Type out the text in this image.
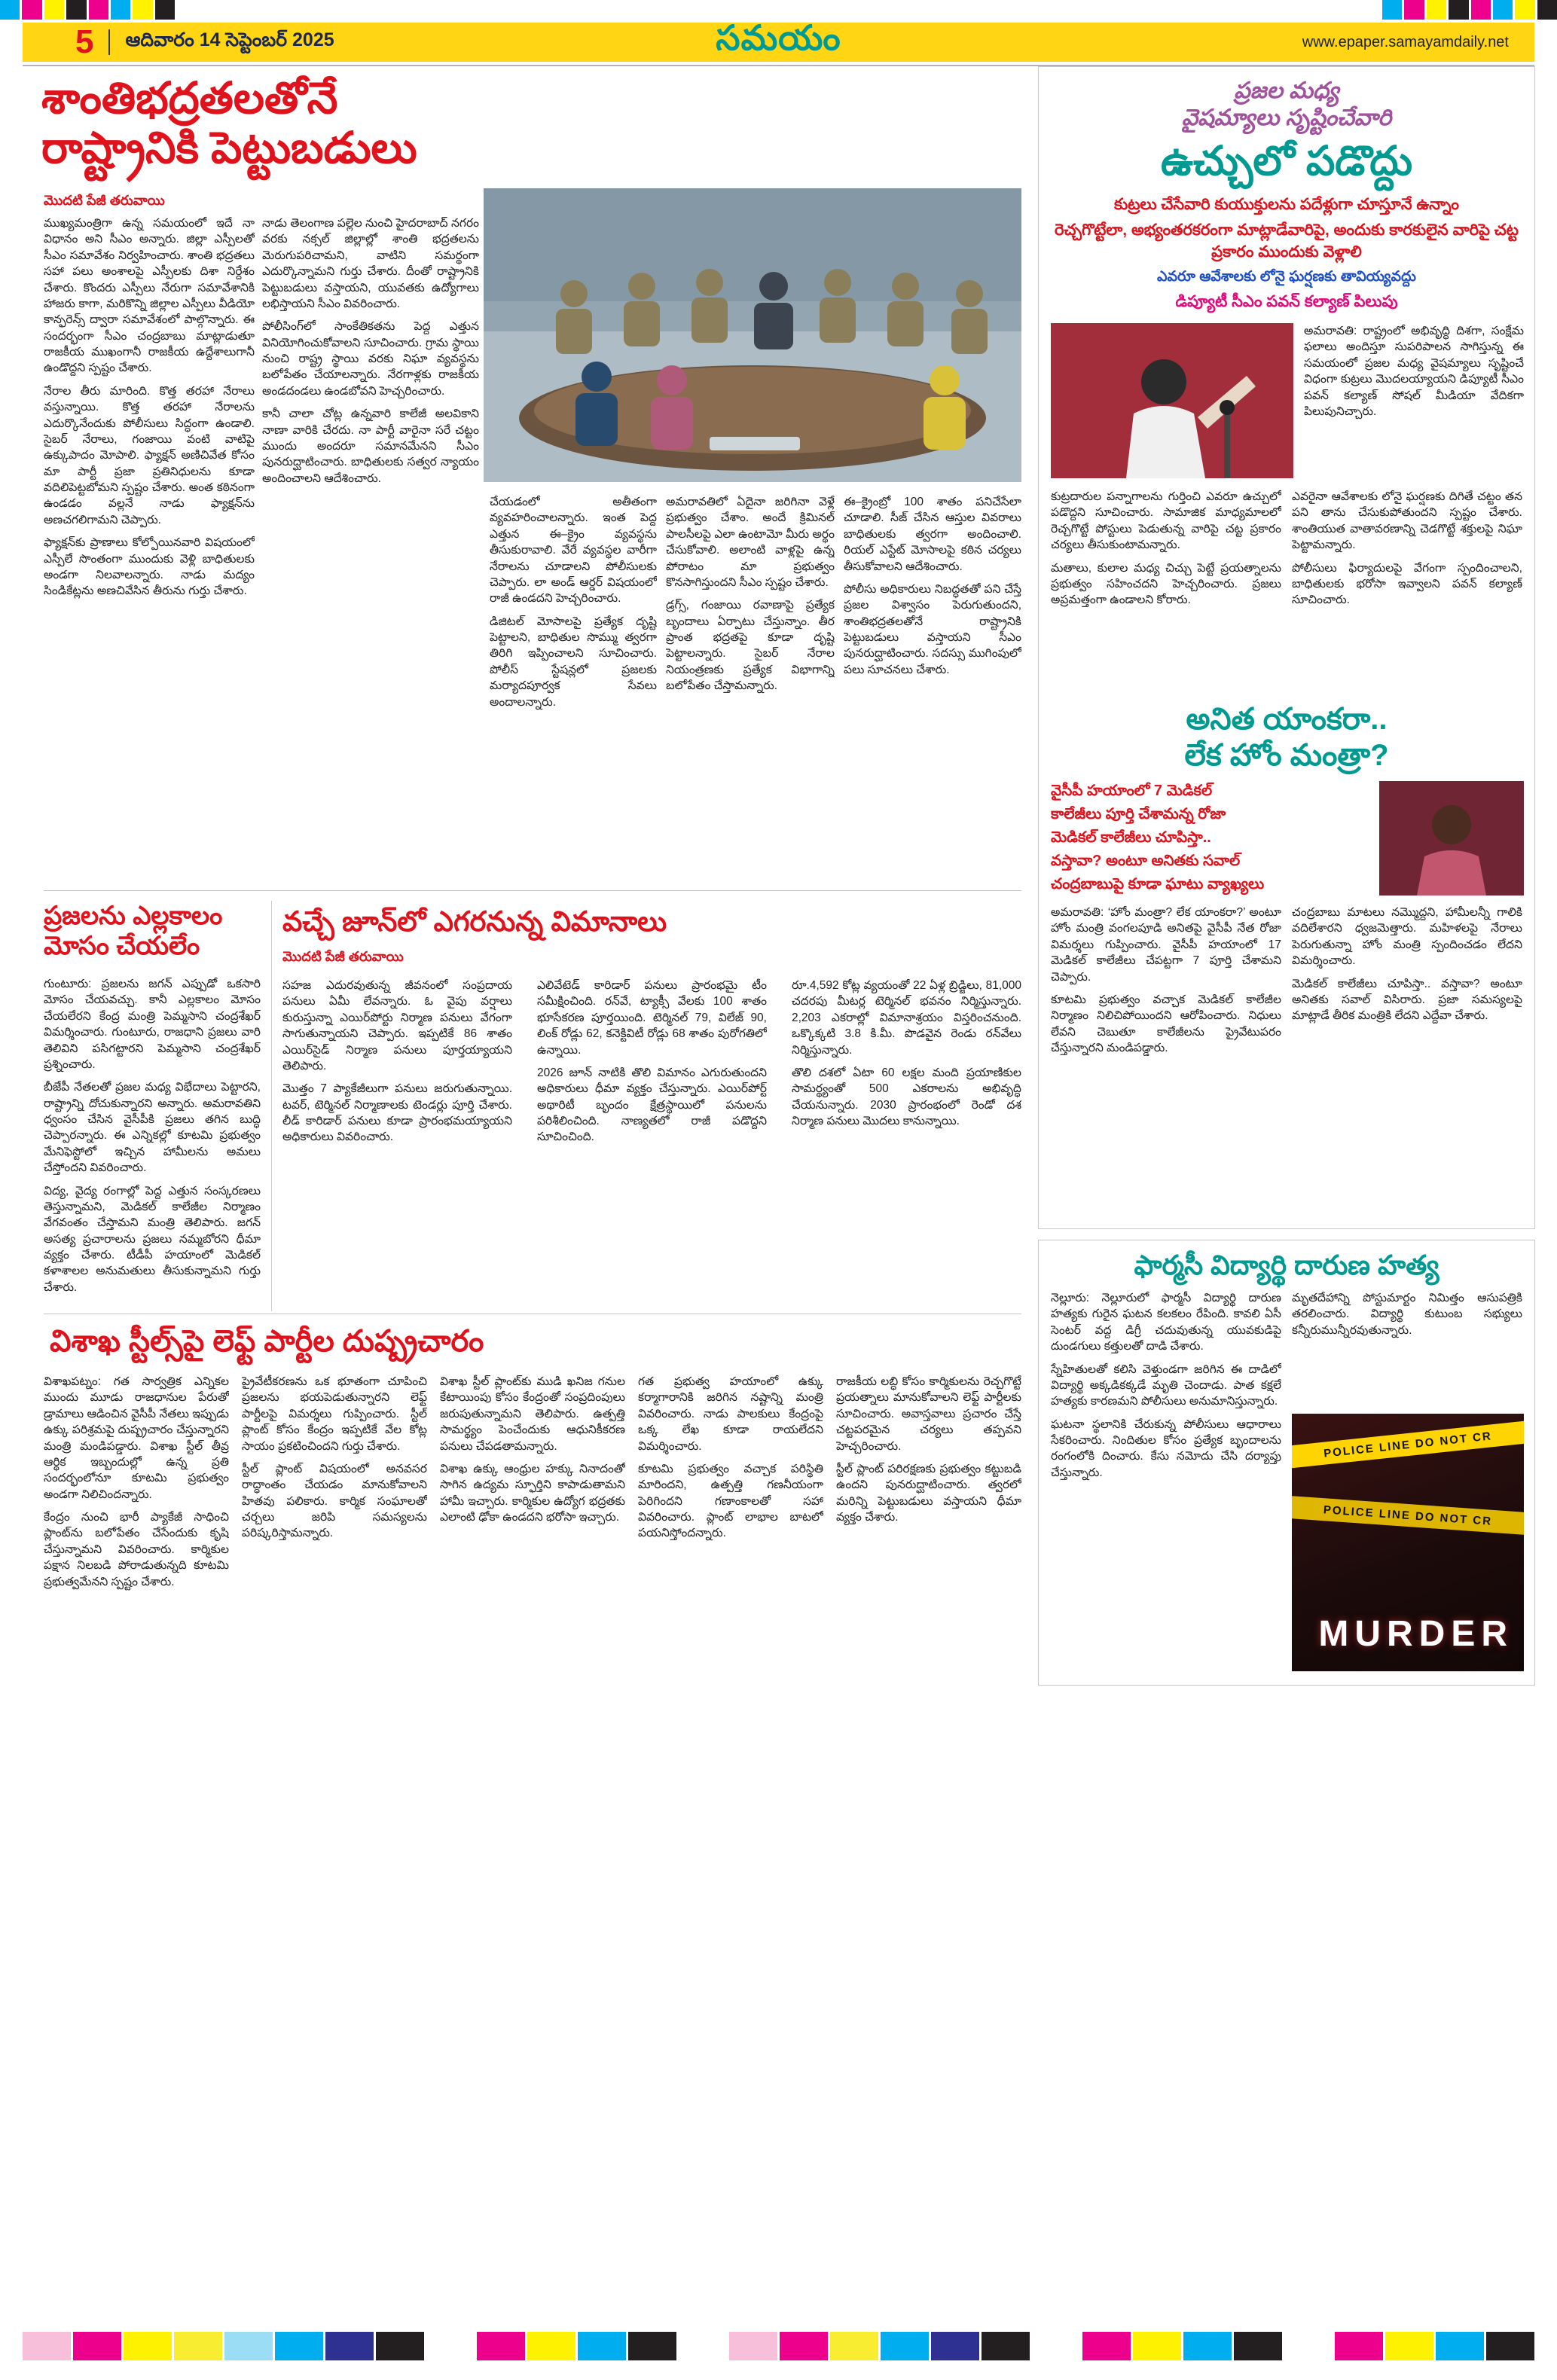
5 ఆదివారం 14 సెప్టెంబర్ 2025	సమయం	www.epaper.samayamdaily.net
శాంతిభద్రతలతోనే
రాష్ట్రానికి పెట్టుబడులు
మొదటి పేజీ తరువాయి

ముఖ్యమంత్రిగా ఉన్న సమయంలో ఇదే నా విధానం అని సీఎం అన్నారు. జిల్లా ఎస్పీలతో సీఎం సమావేశం నిర్వహించారు. శాంతి భద్రతలు సహా పలు అంశాలపై ఎస్పీలకు దిశా నిర్దేశం చేశారు. కొందరు ఎస్పీలు నేరుగా సమావేశానికి హాజరు కాగా, మరికొన్ని జిల్లాల ఎస్పీలు వీడియో కాన్ఫరెన్స్ ద్వారా సమావేశంలో పాల్గొన్నారు. ఈ సందర్భంగా సీఎం చంద్రబాబు మాట్లాడుతూ రాజకీయ ముఖంగానీ రాజకీయ ఉద్దేశాలుగానీ ఉండొద్దని స్పష్టం చేశారు.

నేరాల తీరు మారింది. కొత్త తరహా నేరాలు వస్తున్నాయి. కొత్త తరహా నేరాలను ఎదుర్కొనేందుకు పోలీసులు సిద్ధంగా ఉండాలి. సైబర్ నేరాలు, గంజాయి వంటి వాటిపై ఉక్కుపాదం మోపాలి. ఫ్యాక్షన్ అణిచివేత కోసం మా పార్టీ ప్రజా ప్రతినిధులను కూడా వదిలిపెట్టబోమని స్పష్టం చేశారు. అంత కఠినంగా ఉండడం వల్లనే నాడు ఫ్యాక్షన్‌ను అణచగలిగామని చెప్పారు.

ఫ్యాక్షన్‌కు ప్రాణాలు కోల్పోయినవారి విషయంలో ఎస్పీలే సొంతంగా ముందుకు వెళ్లి బాధితులకు అండగా నిలవాలన్నారు. నాడు మద్యం సిండికేట్లను అణచివేసిన తీరును గుర్తు చేశారు.

నాడు తెలంగాణ పల్లెల నుంచి హైదరాబాద్ నగరం వరకు నక్సల్ జిల్లాల్లో శాంతి భద్రతలను మెరుగుపరిచామని, వాటిని సమర్థంగా ఎదుర్కొన్నామని గుర్తు చేశారు. దీంతో రాష్ట్రానికి పెట్టుబడులు వస్తాయని, యువతకు ఉద్యోగాలు లభిస్తాయని సీఎం వివరించారు.

పోలీసింగ్‌లో సాంకేతికతను పెద్ద ఎత్తున వినియోగించుకోవాలని సూచించారు. గ్రామ స్థాయి నుంచి రాష్ట్ర స్థాయి వరకు నిఘా వ్యవస్థను బలోపేతం చేయాలన్నారు. నేరగాళ్లకు రాజకీయ అండదండలు ఉండబోవని హెచ్చరించారు.

కానీ చాలా చోట్ల ఉన్నవారి కాలేజీ అలవికాని నాణా వారికి చేరదు. నా పార్టీ వారైనా సరే చట్టం ముందు అందరూ సమానమేనని సీఎం పునరుద్ఘాటించారు. బాధితులకు సత్వర న్యాయం అందించాలని ఆదేశించారు.

చేయడంలో అతీతంగా వ్యవహరించాలన్నారు. ఇంత పెద్ద ఎత్తున ఈ–క్రైం వ్యవస్థను తీసుకురావాలి. వేరే వ్యవస్థల వారీగా నేరాలను చూడాలని పోలీసులకు చెప్పారు. లా అండ్ ఆర్డర్ విషయంలో రాజీ ఉండదని హెచ్చరించారు.

డిజిటల్ మోసాలపై ప్రత్యేక దృష్టి పెట్టాలని, బాధితుల సొమ్ము త్వరగా తిరిగి ఇప్పించాలని సూచించారు. పోలీస్ స్టేషన్లలో ప్రజలకు మర్యాదపూర్వక సేవలు అందాలన్నారు.

అమరావతిలో ఏదైనా జరిగినా వెళ్లే ప్రభుత్వం చేశాం. అందే క్రిమినల్ పాలసీలపై ఎలా ఉంటామో మీరు అర్థం చేసుకోవాలి. అలాంటి వాళ్లపై ఉన్న పోరాటం మా ప్రభుత్వం కొనసాగిస్తుందని సీఎం స్పష్టం చేశారు.

డ్రగ్స్, గంజాయి రవాణాపై ప్రత్యేక బృందాలు ఏర్పాటు చేస్తున్నాం. తీర ప్రాంత భద్రతపై కూడా దృష్టి పెట్టాలన్నారు. సైబర్ నేరాల నియంత్రణకు ప్రత్యేక విభాగాన్ని బలోపేతం చేస్తామన్నారు.

ఈ–క్రైంబ్రో 100 శాతం పనిచేసేలా చూడాలి. సీజ్ చేసిన ఆస్తుల వివరాలు బాధితులకు త్వరగా అందించాలి. రియల్ ఎస్టేట్ మోసాలపై కఠిన చర్యలు తీసుకోవాలని ఆదేశించారు.

పోలీసు అధికారులు నిబద్ధతతో పని చేస్తే ప్రజల విశ్వాసం పెరుగుతుందని, శాంతిభద్రతలతోనే రాష్ట్రానికి పెట్టుబడులు వస్తాయని సీఎం పునరుద్ఘాటించారు. సదస్సు ముగింపులో పలు సూచనలు చేశారు.

ప్రజలను ఎల్లకాలం
మోసం చేయలేం

గుంటూరు: ప్రజలను జగన్ ఎప్పుడో ఒకసారి మోసం చేయవచ్చు. కానీ ఎల్లకాలం మోసం చేయలేరని కేంద్ర మంత్రి పెమ్మసాని చంద్రశేఖర్ విమర్శించారు. గుంటూరు, రాజధాని ప్రజలు వారి తెలివిని పసిగట్టారని పెమ్మసాని చంద్రశేఖర్ ప్రశ్నించారు.

బీజేపీ నేతలతో ప్రజల మధ్య విభేదాలు పెట్టారని, రాష్ట్రాన్ని దోచుకున్నారని అన్నారు. అమరావతిని ధ్వంసం చేసిన వైసీపీకి ప్రజలు తగిన బుద్ధి చెప్పారన్నారు. ఈ ఎన్నికల్లో కూటమి ప్రభుత్వం మేనిఫెస్టోలో ఇచ్చిన హామీలను అమలు చేస్తోందని వివరించారు.

విద్య, వైద్య రంగాల్లో పెద్ద ఎత్తున సంస్కరణలు తెస్తున్నామని, మెడికల్ కాలేజీల నిర్మాణం వేగవంతం చేస్తామని మంత్రి తెలిపారు. జగన్ అసత్య ప్రచారాలను ప్రజలు నమ్మబోరని ధీమా వ్యక్తం చేశారు. టీడీపీ హయాంలో మెడికల్ కళాశాలల అనుమతులు తీసుకున్నామని గుర్తు చేశారు.

వచ్చే జూన్‌లో ఎగరనున్న విమానాలు
మొదటి పేజీ తరువాయి

సహజ ఎదురవుతున్న జీవనంలో సంప్రదాయ పనులు ఏమీ లేవన్నారు. ఓ వైపు వర్షాలు కురుస్తున్నా ఎయిర్‌పోర్టు నిర్మాణ పనులు వేగంగా సాగుతున్నాయని చెప్పారు. ఇప్పటికే 86 శాతం ఎయిర్‌సైడ్ నిర్మాణ పనులు పూర్తయ్యాయని తెలిపారు.

మొత్తం 7 ప్యాకేజీలుగా పనులు జరుగుతున్నాయి. టవర్, టెర్మినల్ నిర్మాణాలకు టెండర్లు పూర్తి చేశారు. లీడ్ కారిడార్ పనులు కూడా ప్రారంభమయ్యాయని అధికారులు వివరించారు.

ఎలివేటెడ్ కారిడార్ పనులు ప్రారంభమై టీం సమీక్షించింది. రన్‌వే, ట్యాక్సీ వేలకు 100 శాతం భూసేకరణ పూర్తయింది. టెర్మినల్ 79, విలేజ్ 90, లింక్ రోడ్లు 62, కనెక్టివిటీ రోడ్లు 68 శాతం పురోగతిలో ఉన్నాయి.

2026 జూన్ నాటికి తొలి విమానం ఎగురుతుందని అధికారులు ధీమా వ్యక్తం చేస్తున్నారు. ఎయిర్‌పోర్ట్ అథారిటీ బృందం క్షేత్రస్థాయిలో పనులను పరిశీలించింది. నాణ్యతలో రాజీ పడొద్దని సూచించింది.

రూ.4,592 కోట్ల వ్యయంతో 22 ఏళ్ల బ్రిడ్జిలు, 81,000 చదరపు మీటర్ల టెర్మినల్ భవనం నిర్మిస్తున్నారు. 2,203 ఎకరాల్లో విమానాశ్రయం విస్తరించనుంది. ఒక్కొక్కటి 3.8 కి.మీ. పొడవైన రెండు రన్‌వేలు నిర్మిస్తున్నారు.

తొలి దశలో ఏటా 60 లక్షల మంది ప్రయాణికుల సామర్థ్యంతో 500 ఎకరాలను అభివృద్ధి చేయనున్నారు. 2030 ప్రారంభంలో రెండో దశ నిర్మాణ పనులు మొదలు కానున్నాయి.

విశాఖ స్టీల్స్‌పై లెఫ్ట్ పార్టీల దుష్ప్రచారం

విశాఖపట్నం: గత సార్వత్రిక ఎన్నికల ముందు మూడు రాజధానుల పేరుతో డ్రామాలు ఆడించిన వైసీపీ నేతలు ఇప్పుడు ఉక్కు పరిశ్రమపై దుష్ప్రచారం చేస్తున్నారని మంత్రి మండిపడ్డారు. విశాఖ స్టీల్ తీవ్ర ఆర్థిక ఇబ్బందుల్లో ఉన్న ప్రతి సందర్భంలోనూ కూటమి ప్రభుత్వం అండగా నిలిచిందన్నారు.

కేంద్రం నుంచి భారీ ప్యాకేజీ సాధించి ప్లాంట్‌ను బలోపేతం చేసేందుకు కృషి చేస్తున్నామని వివరించారు. కార్మికుల పక్షాన నిలబడి పోరాడుతున్నది కూటమి ప్రభుత్వమేనని స్పష్టం చేశారు.

ప్రైవేటీకరణను ఒక భూతంగా చూపించి ప్రజలను భయపెడుతున్నారని లెఫ్ట్ పార్టీలపై విమర్శలు గుప్పించారు. స్టీల్ ప్లాంట్ కోసం కేంద్రం ఇప్పటికే వేల కోట్ల సాయం ప్రకటించిందని గుర్తు చేశారు.

స్టీల్ ప్లాంట్ విషయంలో అనవసర రాద్ధాంతం చేయడం మానుకోవాలని హితవు పలికారు. కార్మిక సంఘాలతో చర్చలు జరిపి సమస్యలను పరిష్కరిస్తామన్నారు.

విశాఖ స్టీల్ ప్లాంట్‌కు ముడి ఖనిజ గనుల కేటాయింపు కోసం కేంద్రంతో సంప్రదింపులు జరుపుతున్నామని తెలిపారు. ఉత్పత్తి సామర్థ్యం పెంచేందుకు ఆధునికీకరణ పనులు చేపడతామన్నారు.

విశాఖ ఉక్కు ఆంధ్రుల హక్కు నినాదంతో సాగిన ఉద్యమ స్ఫూర్తిని కాపాడుతామని హామీ ఇచ్చారు. కార్మికుల ఉద్యోగ భద్రతకు ఎలాంటి ఢోకా ఉండదని భరోసా ఇచ్చారు.

గత ప్రభుత్వ హయాంలో ఉక్కు కర్మాగారానికి జరిగిన నష్టాన్ని మంత్రి వివరించారు. నాడు పాలకులు కేంద్రంపై ఒక్క లేఖ కూడా రాయలేదని విమర్శించారు.

కూటమి ప్రభుత్వం వచ్చాక పరిస్థితి మారిందని, ఉత్పత్తి గణనీయంగా పెరిగిందని గణాంకాలతో సహా వివరించారు. ప్లాంట్ లాభాల బాటలో పయనిస్తోందన్నారు.

రాజకీయ లబ్ధి కోసం కార్మికులను రెచ్చగొట్టే ప్రయత్నాలు మానుకోవాలని లెఫ్ట్ పార్టీలకు సూచించారు. అవాస్తవాలు ప్రచారం చేస్తే చట్టపరమైన చర్యలు తప్పవని హెచ్చరించారు.

స్టీల్ ప్లాంట్ పరిరక్షణకు ప్రభుత్వం కట్టుబడి ఉందని పునరుద్ఘాటించారు. త్వరలో మరిన్ని పెట్టుబడులు వస్తాయని ధీమా వ్యక్తం చేశారు.

ప్రజల మధ్య
వైషమ్యాలు సృష్టించేవారి
ఉచ్చులో పడొద్దు
కుట్రలు చేసేవారి కుయుక్తులను పదేళ్లుగా చూస్తూనే ఉన్నాం
రెచ్చగొట్టేలా, అభ్యంతరకరంగా మాట్లాడేవారిపై, అందుకు కారకులైన వారిపై చట్ట ప్రకారం ముందుకు వెళ్లాలి
ఎవరూ ఆవేశాలకు లోనై ఘర్షణకు తావియ్యవద్దు
డిప్యూటీ సీఎం పవన్ కల్యాణ్ పిలుపు

అమరావతి: రాష్ట్రంలో అభివృద్ధి దిశగా, సంక్షేమ ఫలాలు అందిస్తూ సుపరిపాలన సాగిస్తున్న ఈ సమయంలో ప్రజల మధ్య వైషమ్యాలు సృష్టించే విధంగా కుట్రలు మొదలయ్యాయని డిప్యూటీ సీఎం పవన్ కల్యాణ్ సోషల్ మీడియా వేదికగా పిలుపునిచ్చారు.

కుట్రదారుల పన్నాగాలను గుర్తించి ఎవరూ ఉచ్చులో పడొద్దని సూచించారు. సామాజిక మాధ్యమాలలో రెచ్చగొట్టే పోస్టులు పెడుతున్న వారిపై చట్ట ప్రకారం చర్యలు తీసుకుంటామన్నారు.

మతాలు, కులాల మధ్య చిచ్చు పెట్టే ప్రయత్నాలను ప్రభుత్వం సహించదని హెచ్చరించారు. ప్రజలు అప్రమత్తంగా ఉండాలని కోరారు.

ఎవరైనా ఆవేశాలకు లోనై ఘర్షణకు దిగితే చట్టం తన పని తాను చేసుకుపోతుందని స్పష్టం చేశారు. శాంతియుత వాతావరణాన్ని చెడగొట్టే శక్తులపై నిఘా పెట్టామన్నారు.

పోలీసులు ఫిర్యాదులపై వేగంగా స్పందించాలని, బాధితులకు భరోసా ఇవ్వాలని పవన్ కల్యాణ్ సూచించారు.

అనిత యాంకరా..
లేక హోం మంత్రా?

వైసీపీ హయాంలో 7 మెడికల్

కాలేజీలు పూర్తి చేశామన్న రోజా

మెడికల్ కాలేజీలు చూపిస్తా..

వస్తావా? అంటూ అనితకు సవాల్

చంద్రబాబుపై కూడా ఘాటు వ్యాఖ్యలు

అమరావతి: ‘హోం మంత్రా? లేక యాంకరా?’ అంటూ హోం మంత్రి వంగలపూడి అనితపై వైసీపీ నేత రోజా విమర్శలు గుప్పించారు. వైసీపీ హయాంలో 17 మెడికల్ కాలేజీలు చేపట్టగా 7 పూర్తి చేశామని చెప్పారు.

కూటమి ప్రభుత్వం వచ్చాక మెడికల్ కాలేజీల నిర్మాణం నిలిచిపోయిందని ఆరోపించారు. నిధులు లేవని చెబుతూ కాలేజీలను ప్రైవేటుపరం చేస్తున్నారని మండిపడ్డారు.

చంద్రబాబు మాటలు నమ్మొద్దని, హామీలన్నీ గాలికి వదిలేశారని ధ్వజమెత్తారు. మహిళలపై నేరాలు పెరుగుతున్నా హోం మంత్రి స్పందించడం లేదని విమర్శించారు.

మెడికల్ కాలేజీలు చూపిస్తా.. వస్తావా? అంటూ అనితకు సవాల్ విసిరారు. ప్రజా సమస్యలపై మాట్లాడే తీరిక మంత్రికి లేదని ఎద్దేవా చేశారు.

ఫార్మసీ విద్యార్థి దారుణ హత్య

నెల్లూరు: నెల్లూరులో ఫార్మసీ విద్యార్థి దారుణ హత్యకు గురైన ఘటన కలకలం రేపింది. కావలి ఏసీ సెంటర్ వద్ద డిగ్రీ చదువుతున్న యువకుడిపై దుండగులు కత్తులతో దాడి చేశారు.

స్నేహితులతో కలిసి వెళ్తుండగా జరిగిన ఈ దాడిలో విద్యార్థి అక్కడికక్కడే మృతి చెందాడు. పాత కక్షలే హత్యకు కారణమని పోలీసులు అనుమానిస్తున్నారు.

ఘటనా స్థలానికి చేరుకున్న పోలీసులు ఆధారాలు సేకరించారు. నిందితుల కోసం ప్రత్యేక బృందాలను రంగంలోకి దించారు. కేసు నమోదు చేసి దర్యాప్తు చేస్తున్నారు.

మృతదేహాన్ని పోస్టుమార్టం నిమిత్తం ఆసుపత్రికి తరలించారు. విద్యార్థి కుటుంబ సభ్యులు కన్నీరుమున్నీరవుతున్నారు.

POLICE LINE DO NOT CR
POLICE LINE DO NOT CR
MURDER
